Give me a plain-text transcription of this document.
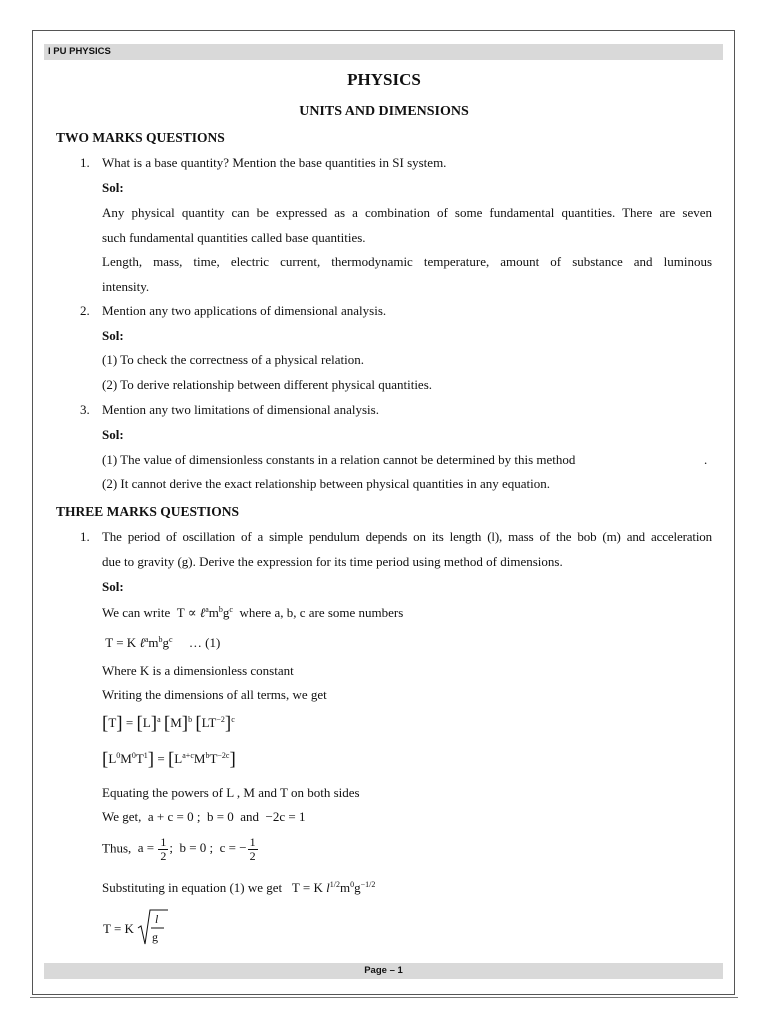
I PU PHYSICS
PHYSICS
UNITS AND DIMENSIONS
TWO MARKS QUESTIONS
1. What is a base quantity? Mention the base quantities in SI system.
Sol:
Any physical quantity can be expressed as a combination of some fundamental quantities. There are seven
such fundamental quantities called base quantities.
Length, mass, time, electric current, thermodynamic temperature, amount of substance and luminous
intensity.
2. Mention any two applications of dimensional analysis.
Sol:
(1) To check the correctness of a physical relation.
(2) To derive relationship between different physical quantities.
3. Mention any two limitations of dimensional analysis.
Sol:
(1) The value of dimensionless constants in a relation cannot be determined by this method	.
(2) It cannot derive the exact relationship between physical quantities in any equation.
THREE MARKS QUESTIONS
1. The period of oscillation of a simple pendulum depends on its length (l), mass of the bob (m) and acceleration
due to gravity (g). Derive the expression for its time period using method of dimensions.
Sol:
We can write  $T \propto \ell^am^bg^c$ where a, b, c are some numbers
T = K $\ell^am^bg^c$ … (1)
Where K is a dimensionless constant
Writing the dimensions of all terms, we get
$[T] = [L]^a$ $[M]^b$ $[LT^{-2}]^c$
$[L^0M^0T^1] = [L^{a+c}M^bT^{-2c}]$
Equating the powers of L , M and T on both sides
We get,  a + c = 0 ;  b = 0  and  −2c = 1
Thus,  $a = \frac{1}{2}$ ;  b = 0 ;  c = − $\frac{1}{2}$
Substituting in equation (1) we get   T = K $l^{1/2}m^0g^{-1/2}$
T = K
l
g
Page – 1
